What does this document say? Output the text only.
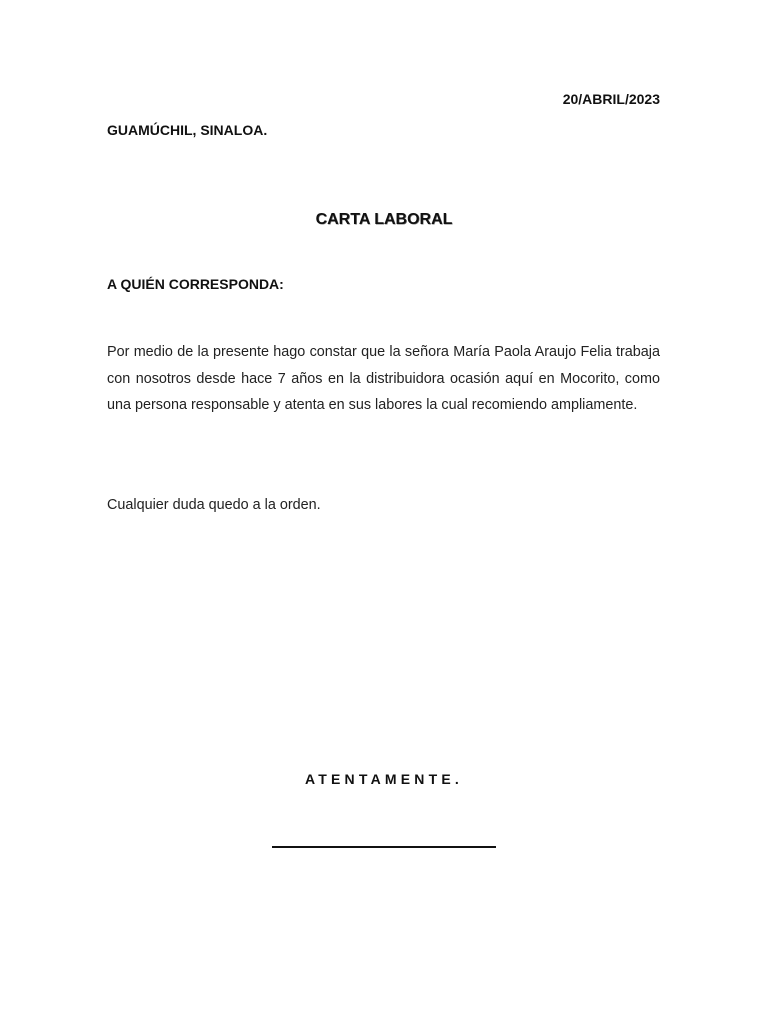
20/ABRIL/2023
GUAMÚCHIL, SINALOA.
CARTA LABORAL
A QUIÉN CORRESPONDA:
Por medio de la presente hago constar que la señora María Paola Araujo Felia trabaja con nosotros desde hace 7 años en la distribuidora ocasión aquí en Mocorito, como una persona responsable y atenta en sus labores la cual recomiendo ampliamente.
Cualquier duda quedo a la orden.
ATENTAMENTE.
